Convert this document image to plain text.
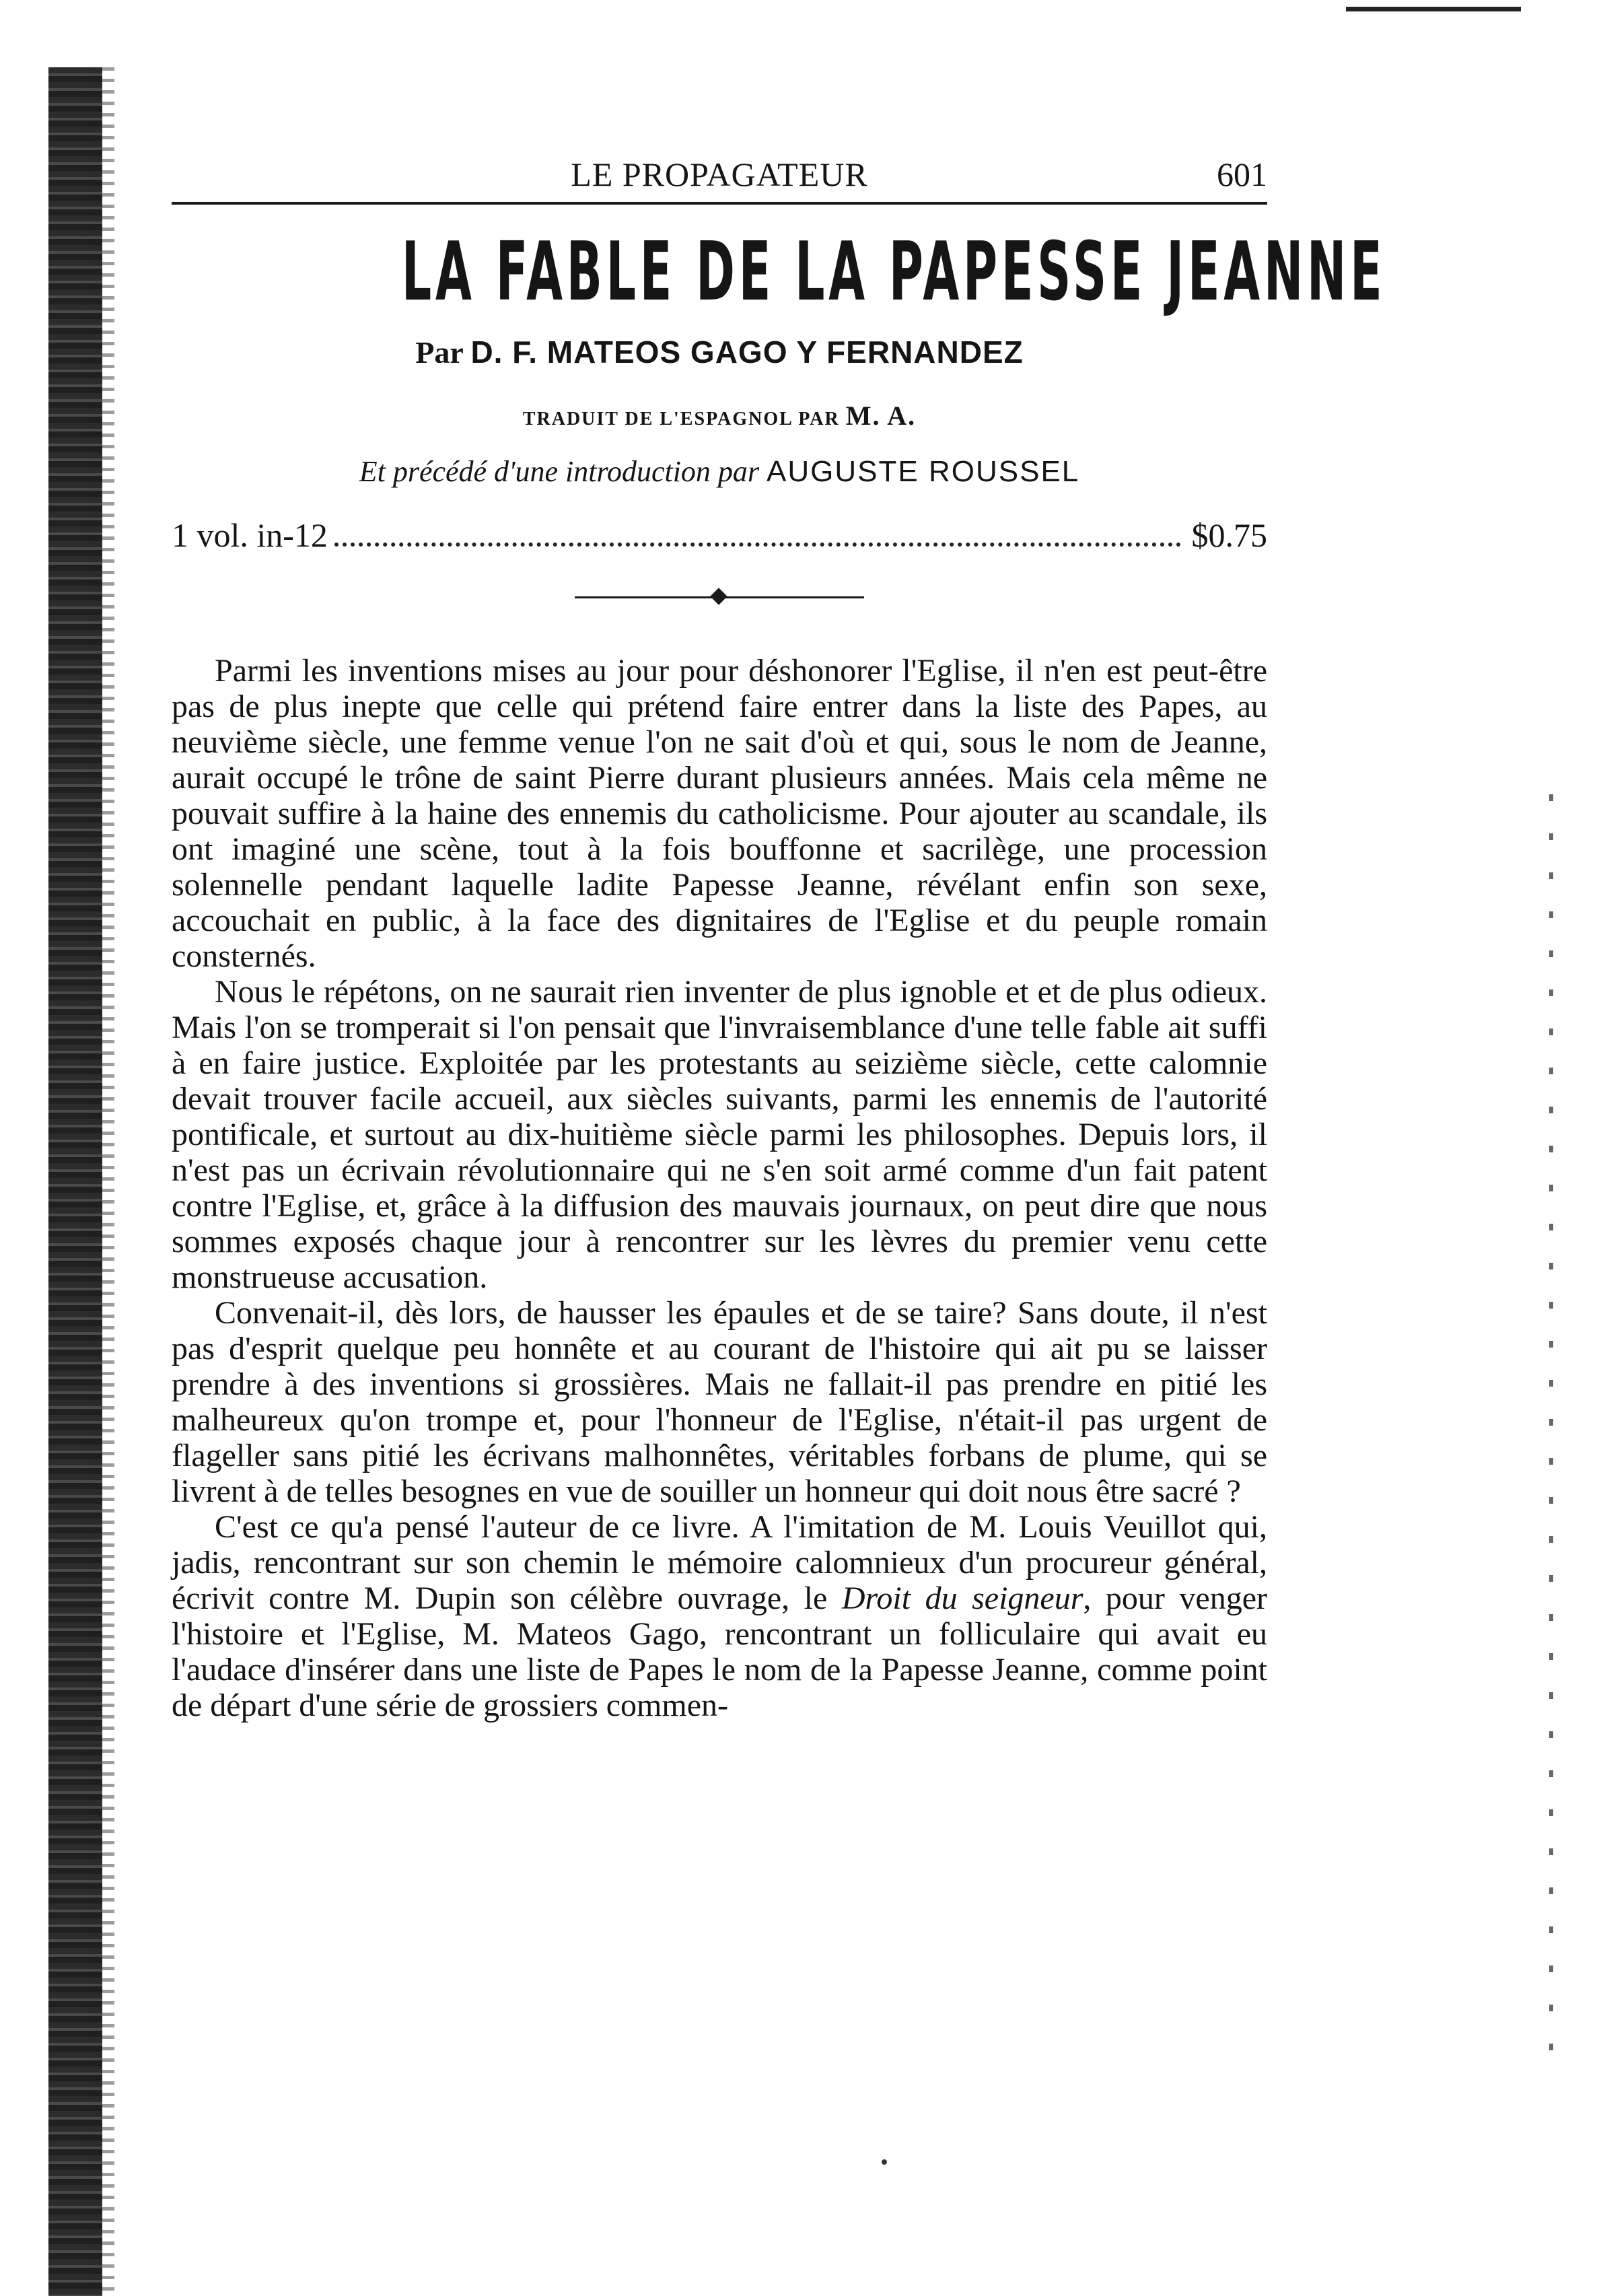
LE PROPAGATEUR	601
LA FABLE DE LA PAPESSE JEANNE
Par D. F. MATEOS GAGO Y FERNANDEZ
TRADUIT DE L'ESPAGNOL PAR M. A.
Et précédé d'une introduction par AUGUSTE ROUSSEL
1 vol. in-12	$0.75

Parmi les inventions mises au jour pour déshonorer l'Eglise, il n'en est peut-être pas de plus inepte que celle qui prétend faire entrer dans la liste des Papes, au neuvième siècle, une femme venue l'on ne sait d'où et qui, sous le nom de Jeanne, aurait occupé le trône de saint Pierre durant plusieurs années. Mais cela même ne pouvait suffire à la haine des ennemis du catholicisme. Pour ajouter au scandale, ils ont imaginé une scène, tout à la fois bouffonne et sacrilège, une procession solennelle pendant laquelle ladite Papesse Jeanne, révélant enfin son sexe, accouchait en public, à la face des dignitaires de l'Eglise et du peuple romain consternés.

Nous le répétons, on ne saurait rien inventer de plus ignoble et et de plus odieux. Mais l'on se tromperait si l'on pensait que l'invraisemblance d'une telle fable ait suffi à en faire justice. Exploitée par les protestants au seizième siècle, cette calomnie devait trouver facile accueil, aux siècles suivants, parmi les ennemis de l'autorité pontificale, et surtout au dix-huitième siècle parmi les philosophes. Depuis lors, il n'est pas un écrivain révolutionnaire qui ne s'en soit armé comme d'un fait patent contre l'Eglise, et, grâce à la diffusion des mauvais journaux, on peut dire que nous sommes exposés chaque jour à rencontrer sur les lèvres du premier venu cette monstrueuse accusation.

Convenait-il, dès lors, de hausser les épaules et de se taire? Sans doute, il n'est pas d'esprit quelque peu honnête et au courant de l'histoire qui ait pu se laisser prendre à des inventions si grossières. Mais ne fallait-il pas prendre en pitié les malheureux qu'on trompe et, pour l'honneur de l'Eglise, n'était-il pas urgent de flageller sans pitié les écrivans malhonnêtes, véritables forbans de plume, qui se livrent à de telles besognes en vue de souiller un honneur qui doit nous être sacré ?

C'est ce qu'a pensé l'auteur de ce livre. A l'imitation de M. Louis Veuillot qui, jadis, rencontrant sur son chemin le mémoire calomnieux d'un procureur général, écrivit contre M. Dupin son célèbre ouvrage, le Droit du seigneur, pour venger l'histoire et l'Eglise, M. Mateos Gago, rencontrant un folliculaire qui avait eu l'audace d'insérer dans une liste de Papes le nom de la Papesse Jeanne, comme point de départ d'une série de grossiers commen-
